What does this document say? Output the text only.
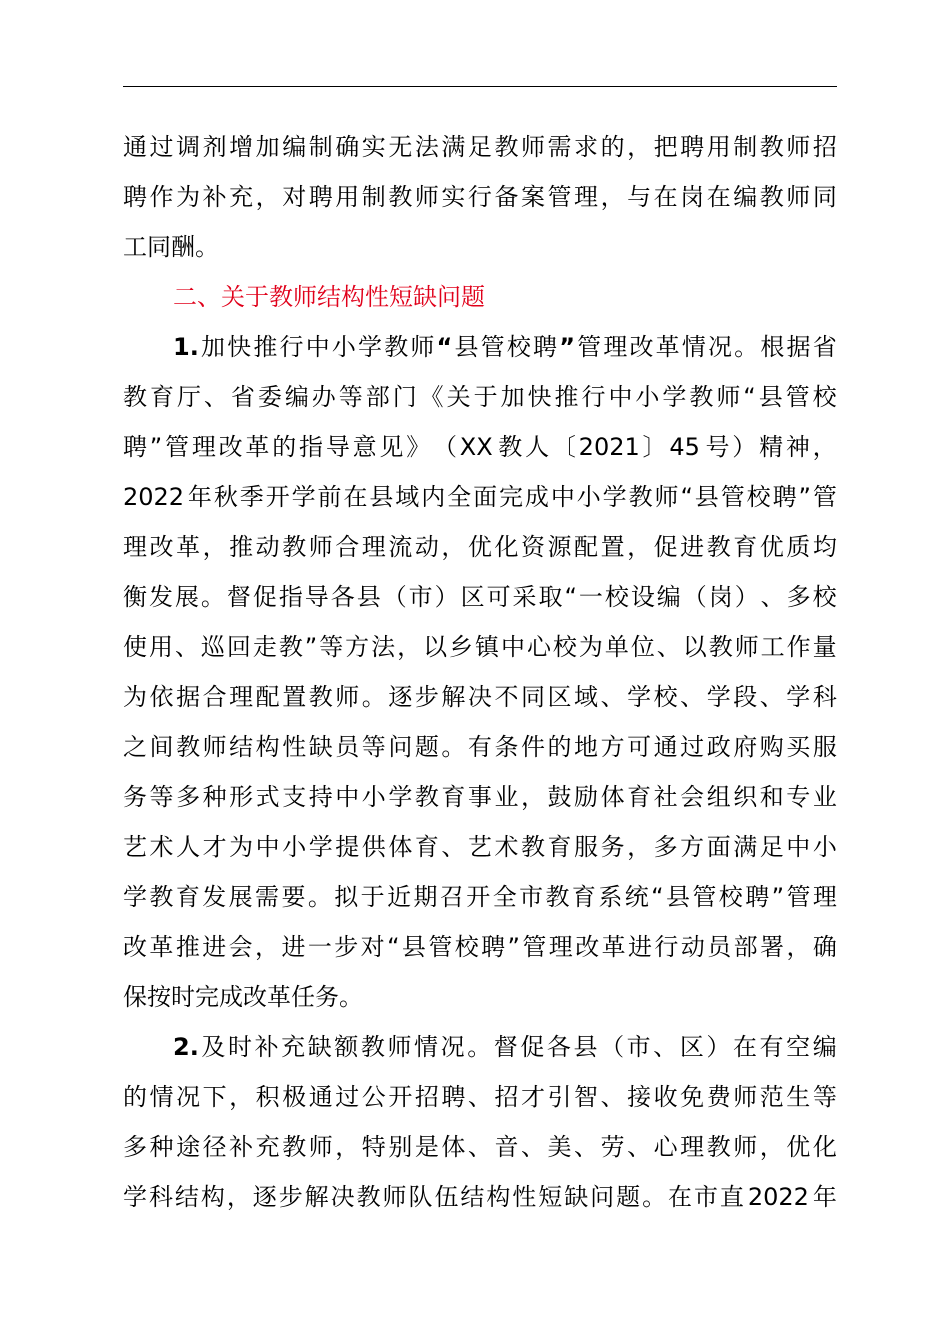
通 过 调 剂 增 加 编 制 确 实 无 法 满 足 教 师 需 求 的 ， 把 聘 用 制 教 师 招
聘 作 为 补 充 ， 对 聘 用 制 教 师 实 行 备 案 管 理 ， 与 在 岗 在 编 教 师 同
工同酬。
二、关于教师结构性短缺问题
1. 加 快 推 行 中 小 学 教 师 “ 县 管 校 聘 ” 管 理 改 革 情 况 。 根 据 省
教 育 厅 、 省 委 编 办 等 部 门 《 关 于 加 快 推 行 中 小 学 教 师 “ 县 管 校
聘 ” 管 理 改 革 的 指 导 意 见 》 （ XX 教 人 〔 2021 〕 45 号 ） 精 神 ，
2022 年 秋 季 开 学 前 在 县 域 内 全 面 完 成 中 小 学 教 师 “ 县 管 校 聘 ” 管
理 改 革 ， 推 动 教 师 合 理 流 动 ， 优 化 资 源 配 置 ， 促 进 教 育 优 质 均
衡 发 展 。 督 促 指 导 各 县 （ 市 ） 区 可 采 取 “ 一 校 设 编 （ 岗 ） 、 多 校
使 用 、 巡 回 走 教 ” 等 方 法 ， 以 乡 镇 中 心 校 为 单 位 、 以 教 师 工 作 量
为 依 据 合 理 配 置 教 师 。 逐 步 解 决 不 同 区 域 、 学 校 、 学 段 、 学 科
之 间 教 师 结 构 性 缺 员 等 问 题 。 有 条 件 的 地 方 可 通 过 政 府 购 买 服
务 等 多 种 形 式 支 持 中 小 学 教 育 事 业 ， 鼓 励 体 育 社 会 组 织 和 专 业
艺 术 人 才 为 中 小 学 提 供 体 育 、 艺 术 教 育 服 务 ， 多 方 面 满 足 中 小
学 教 育 发 展 需 要 。 拟 于 近 期 召 开 全 市 教 育 系 统 “ 县 管 校 聘 ” 管 理
改 革 推 进 会 ， 进 一 步 对 “ 县 管 校 聘 ” 管 理 改 革 进 行 动 员 部 署 ， 确
保按时完成改革任务。
2. 及 时 补 充 缺 额 教 师 情 况 。 督 促 各 县 （ 市 、 区 ） 在 有 空 编
的 情 况 下 ， 积 极 通 过 公 开 招 聘 、 招 才 引 智 、 接 收 免 费 师 范 生 等
多 种 途 径 补 充 教 师 ， 特 别 是 体 、 音 、 美 、 劳 、 心 理 教 师 ， 优 化
学 科 结 构 ， 逐 步 解 决 教 师 队 伍 结 构 性 短 缺 问 题 。 在 市 直 2022 年
